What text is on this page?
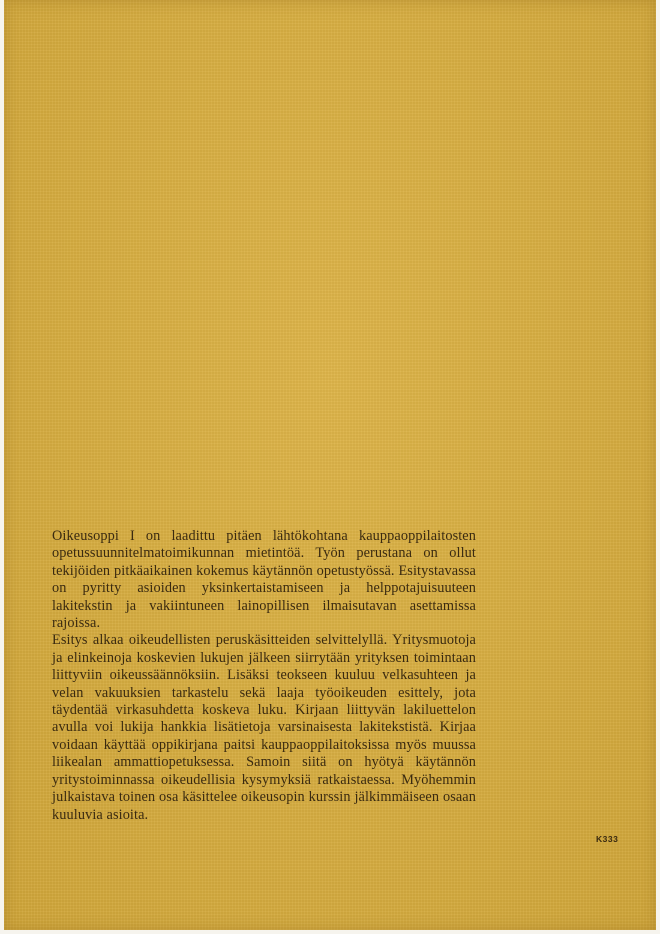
Oikeusoppi I on laadittu pitäen lähtökohtana kauppaoppilaitosten opetussuunnitelmatoimikunnan mietintöä. Työn perustana on ollut tekijöiden pitkäaikainen kokemus käytännön opetustyössä. Esitystavassa on pyritty asioiden yksinkertaistamiseen ja helppotajuisuuteen lakitekstin ja vakiintuneen lainopillisen ilmaisutavan asettamissa rajoissa.

Esitys alkaa oikeudellisten peruskäsitteiden selvittelyllä. Yritysmuotoja ja elinkeinoja koskevien lukujen jälkeen siirrytään yrityksen toimintaan liittyviin oikeussäännöksiin. Lisäksi teokseen kuuluu velkasuhteen ja velan vakuuksien tarkastelu sekä laaja työoikeuden esittely, jota täydentää virkasuhdetta koskeva luku. Kirjaan liittyvän lakiluettelon avulla voi lukija hankkia lisätietoja varsinaisesta lakitekstistä. Kirjaa voidaan käyttää oppikirjana paitsi kauppaoppilaitoksissa myös muussa liikealan ammattiopetuksessa. Samoin siitä on hyötyä käytännön yritystoiminnassa oikeudellisia kysymyksiä ratkaistaessa. Myöhemmin julkaistava toinen osa käsittelee oikeusopin kurssin jälkimmäiseen osaan kuuluvia asioita.

K333
